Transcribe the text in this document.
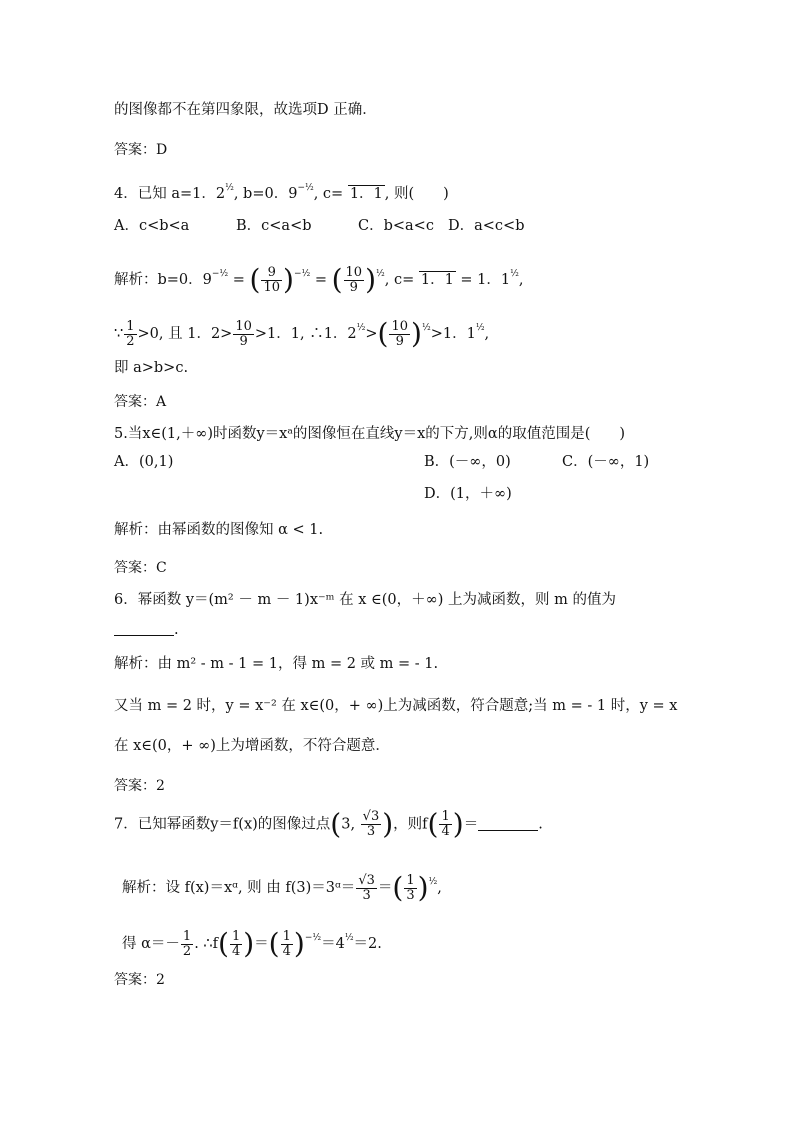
的图像都不在第四象限，故选项D 正确．
答案：D
4．已知 a=1．$2^{\frac{1}{2}}$, b=0．$9^{-\frac{1}{2}}$, c= 1．1 , 则(　　)
A．c<b<a	B．c<a<b	C．b<a<c D．a<c<b
解析：b=0．$9^{-\frac{1}{2}}$ = ( $\frac{9}{10} )^{-\frac{1}{2}}$ = ( $\frac{10}{9} )^{\frac{1}{2}}$, c= 1．1 = 1．$1^{\frac{1}{2}}$,
∵ $\frac{1}{2} >0$, 且 1．$2> \frac{10}{9} >1$．1, ∴1．$2^{\frac{1}{2}}>( \frac{10}{9} )^{\frac{1}{2}}>1$．$1^{\frac{1}{2}}$,
即 a>b>c.
答案：A
5.当x∈(1,＋∞)时函数y＝xᵃ的图像恒在直线y＝x的下方,则α的取值范围是(　　)
A．(0,1)	B．(－∞，0)	C．(－∞，1)
D．(1，＋∞)
解析：由幂函数的图像知 α < 1.
答案：C
6．幂函数 y＝(m² － m － 1)x⁻ᵐ 在 x ∈(0，＋∞) 上为减函数，则 m 的值为
.
解析：由 m² - m - 1 = 1，得 m = 2 或 m = - 1.
又当 m = 2 时，y = x⁻² 在 x∈(0，+ ∞)上为减函数，符合题意;当 m = - 1 时，y = x
在 x∈(0，+ ∞)上为增函数，不符合题意．
答案：2
7．已知幂函数y＝f(x)的图像过点(3, $\frac{√3}{3}$ )，则$f( \frac{1}{4}$ )＝	.
解析：设 f(x)＝xᵅ, 则 由 f(3)＝3ᵅ＝ $\frac{√3}{3}$ ＝( $\frac{1}{3} )^{\frac{1}{2}}$,
得 $\alpha=- \frac{1}{2}$ . ∴f( $\frac{1}{4}$ )＝( $\frac{1}{4} )^{-\frac{1}{2}}=4^{\frac{1}{2}}=2$.
答案：2
